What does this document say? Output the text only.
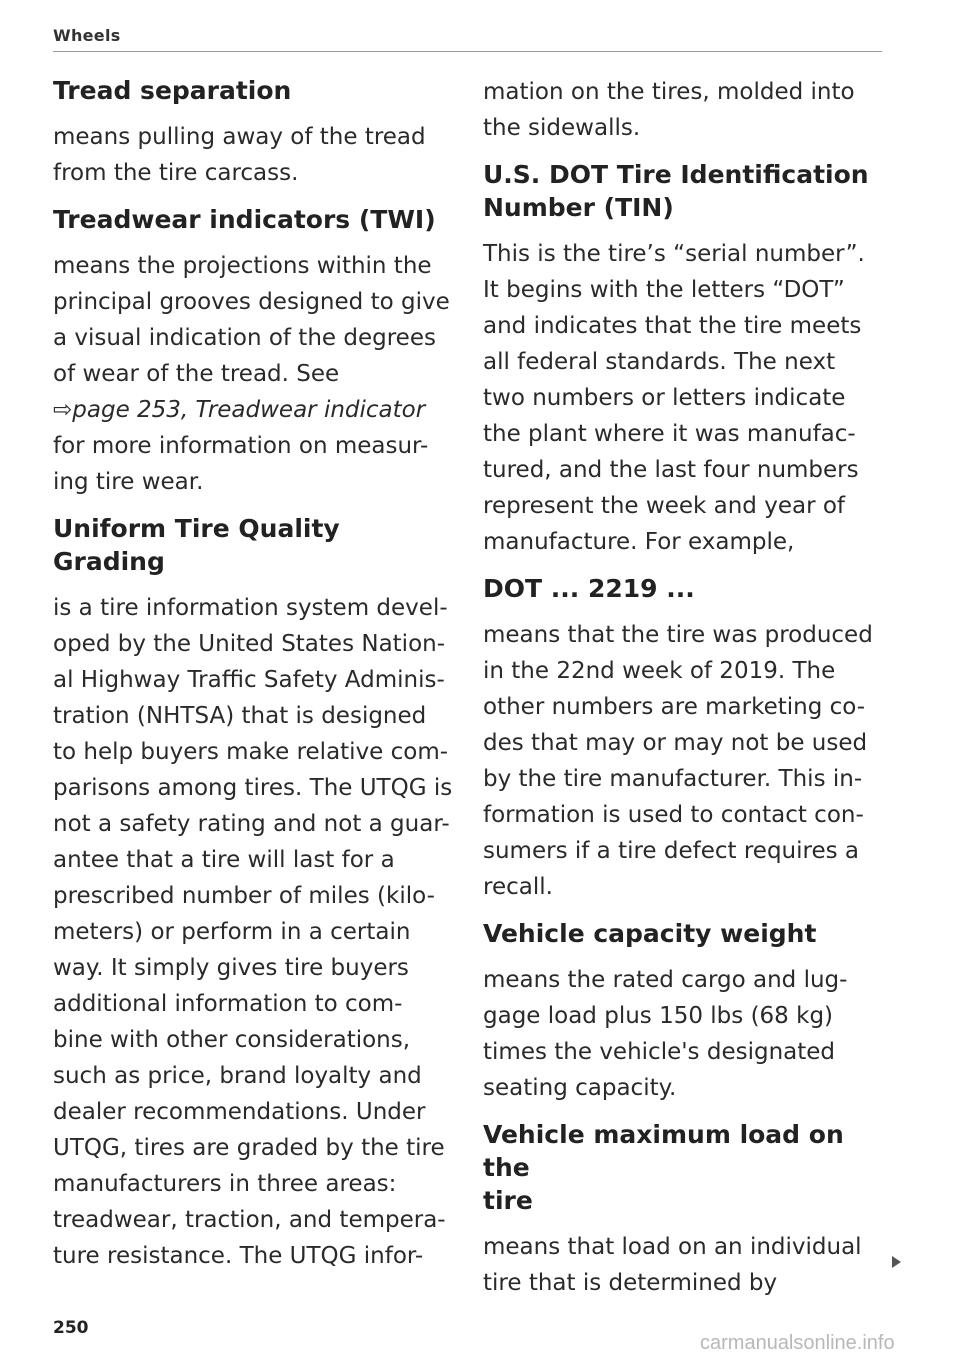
Wheels
Tread separation

means pulling away of the tread
from the tire carcass.

Treadwear indicators (TWI)

means the projections within the
principal grooves designed to give
a visual indication of the degrees
of wear of the tread. See
⇨page 253, Treadwear indicator
for more information on measur-
ing tire wear.

Uniform Tire Quality Grading

is a tire information system devel-
oped by the United States Nation-
al Highway Traffic Safety Adminis-
tration (NHTSA) that is designed
to help buyers make relative com-
parisons among tires. The UTQG is
not a safety rating and not a guar-
antee that a tire will last for a
prescribed number of miles (kilo-
meters) or perform in a certain
way. It simply gives tire buyers
additional information to com-
bine with other considerations,
such as price, brand loyalty and
dealer recommendations. Under
UTQG, tires are graded by the tire
manufacturers in three areas:
treadwear, traction, and tempera-
ture resistance. The UTQG infor-

mation on the tires, molded into
the sidewalls.

U.S. DOT Tire Identification
Number (TIN)

This is the tire’s “serial number”.
It begins with the letters “DOT”
and indicates that the tire meets
all federal standards. The next
two numbers or letters indicate
the plant where it was manufac-
tured, and the last four numbers
represent the week and year of
manufacture. For example,

DOT ... 2219 ...

means that the tire was produced
in the 22nd week of 2019. The
other numbers are marketing co-
des that may or may not be used
by the tire manufacturer. This in-
formation is used to contact con-
sumers if a tire defect requires a
recall.

Vehicle capacity weight

means the rated cargo and lug-
gage load plus 150 lbs (68 kg)
times the vehicle's designated
seating capacity.

Vehicle maximum load on the
tire

means that load on an individual
tire that is determined by

250
carmanualsonline.info
